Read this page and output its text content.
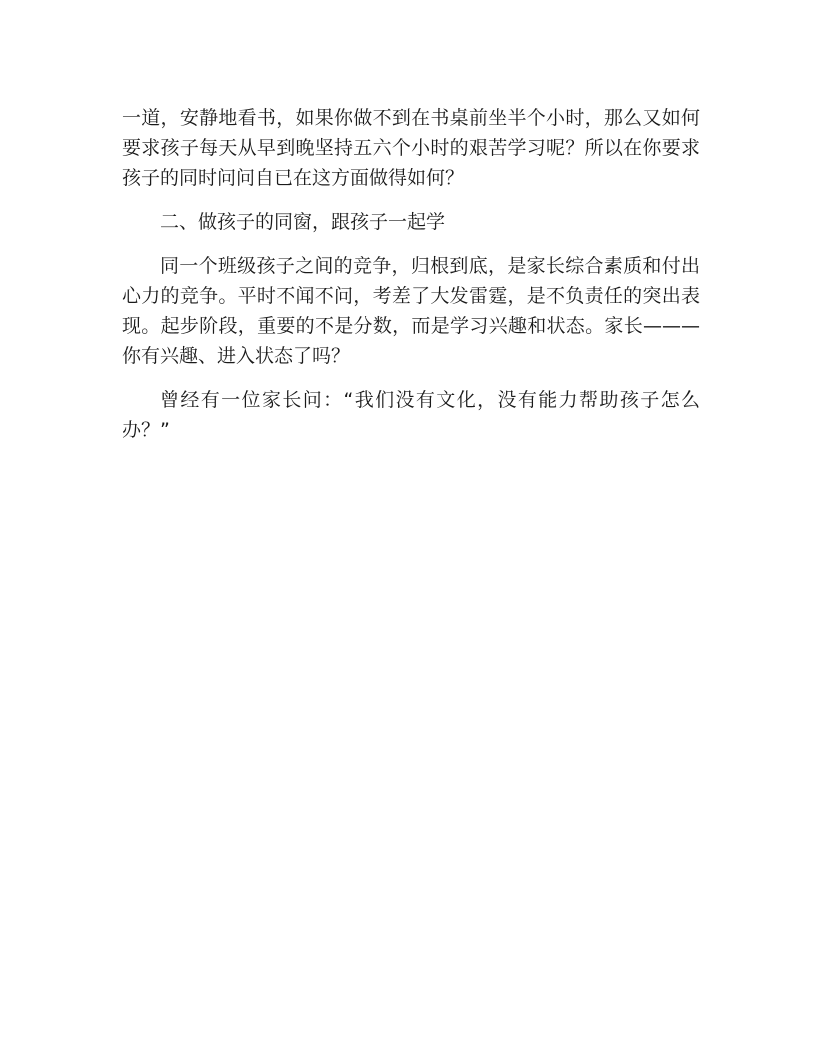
一道，安静地看书，如果你做不到在书桌前坐半个小时，那么又如何要求孩子每天从早到晚坚持五六个小时的艰苦学习呢？所以在你要求孩子的同时问问自已在这方面做得如何？

二、做孩子的同窗，跟孩子一起学

同一个班级孩子之间的竞争，归根到底，是家长综合素质和付出心力的竞争。平时不闻不问，考差了大发雷霆，是不负责任的突出表现。起步阶段，重要的不是分数，而是学习兴趣和状态。家长———你有兴趣、进入状态了吗？

曾经有一位家长问：“我们没有文化，没有能力帮助孩子怎么办？”
